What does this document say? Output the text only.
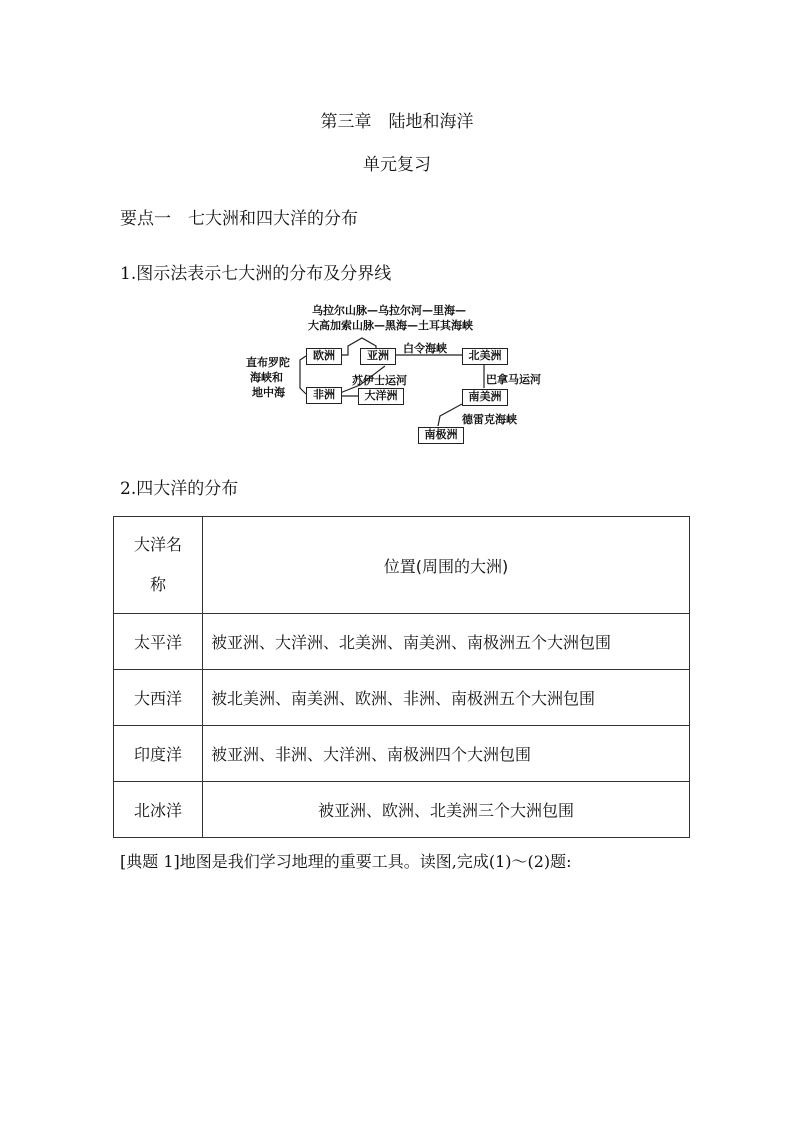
第三章　陆地和海洋
单元复习
要点一　七大洲和四大洋的分布
1.图示法表示七大洲的分布及分界线
乌拉尔山脉—乌拉尔河—里海—
大高加索山脉—黑海—土耳其海峡
直布罗陀
海峡和
地中海
欧洲	亚洲
非洲	大洋洲
北美洲
南美洲
南极洲
白令海峡
苏伊士运河	巴拿马运河
德雷克海峡
2.四大洋的分布
大洋名
称	位置(周围的大洲)
太平洋	被亚洲、大洋洲、北美洲、南美洲、南极洲五个大洲包围
大西洋	被北美洲、南美洲、欧洲、非洲、南极洲五个大洲包围
印度洋	被亚洲、非洲、大洋洲、南极洲四个大洲包围
北冰洋	被亚洲、欧洲、北美洲三个大洲包围
[典题 1]地图是我们学习地理的重要工具。读图,完成(1)～(2)题:
